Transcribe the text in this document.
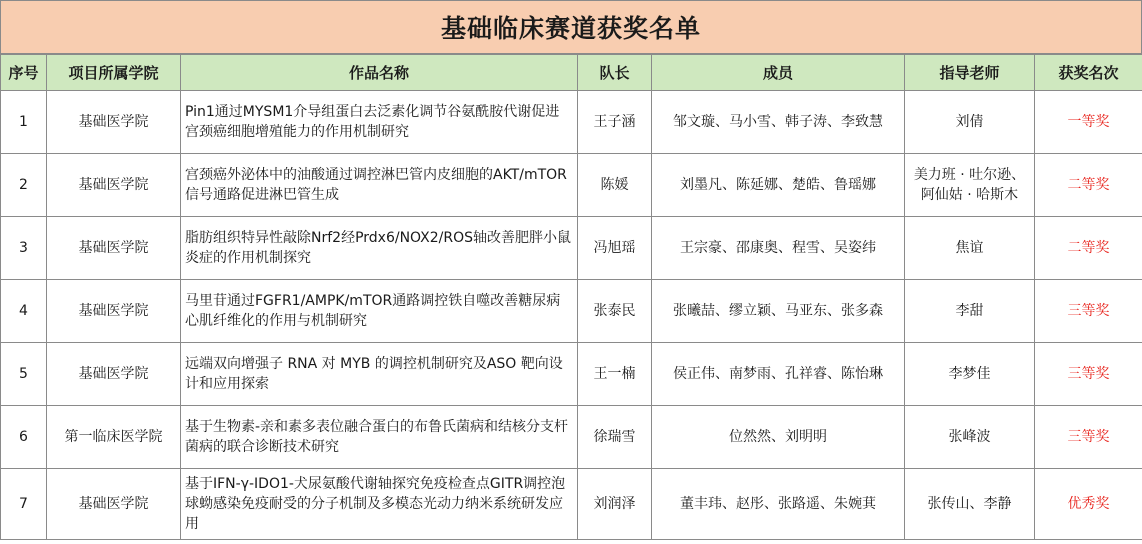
基础临床赛道获奖名单
序号	项目所属学院	作品名称	队长	成员	指导老师	获奖名次
1	基础医学院	Pin1通过MYSM1介导组蛋白去泛素化调节谷氨酰胺代谢促进宫颈癌细胞增殖能力的作用机制研究	王子涵	邹文璇、马小雪、韩子涛、李致慧	刘倩	一等奖
2	基础医学院	宫颈癌外泌体中的油酸通过调控淋巴管内皮细胞的AKT/mTOR信号通路促进淋巴管生成	陈媛	刘墨凡、陈延娜、楚皓、鲁瑶娜	美力班 · 吐尔逊、阿仙姑 · 哈斯木	二等奖
3	基础医学院	脂肪组织特异性敲除Nrf2经Prdx6/NOX2/ROS轴改善肥胖小鼠炎症的作用机制探究	冯旭瑶	王宗豪、邵康奥、程雪、吴姿纬	焦谊	二等奖
4	基础医学院	马里苷通过FGFR1/AMPK/mTOR通路调控铁自噬改善糖尿病心肌纤维化的作用与机制研究	张泰民	张曦喆、缪立颖、马亚东、张多森	李甜	三等奖
5	基础医学院	远端双向增强子 RNA 对 MYB 的调控机制研究及ASO 靶向设计和应用探索	王一楠	侯正伟、南梦雨、孔祥睿、陈怡琳	李梦佳	三等奖
6	第一临床医学院	基于生物素-亲和素多表位融合蛋白的布鲁氏菌病和结核分支杆菌病的联合诊断技术研究	徐瑞雪	位然然、刘明明	张峰波	三等奖
7	基础医学院	基于IFN-γ-IDO1-犬尿氨酸代谢轴探究免疫检查点GITR调控泡球蚴感染免疫耐受的分子机制及多模态光动力纳米系统研发应用	刘润泽	董丰玮、赵彤、张路遥、朱婉萁	张传山、李静	优秀奖
